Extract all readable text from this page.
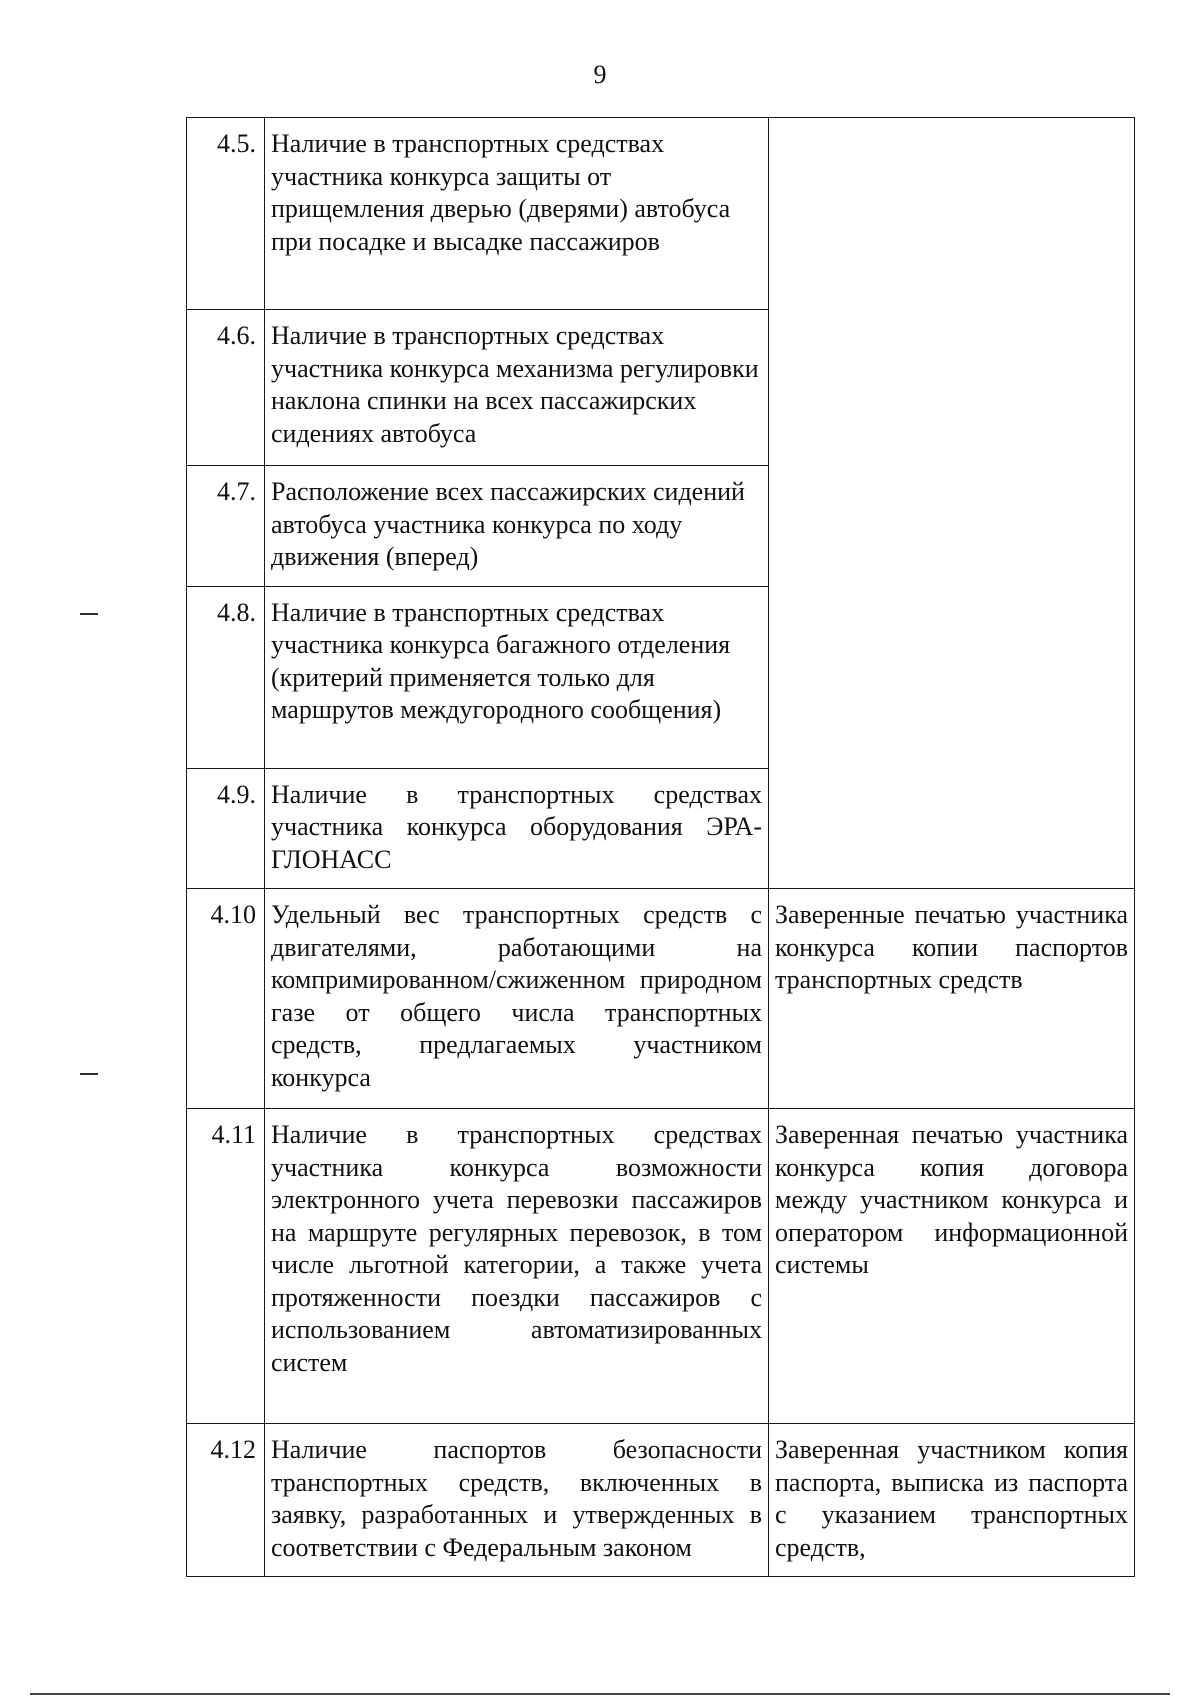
9
4.5.	Наличие в транспортных средствах участника конкурса защиты от прищемления дверью (дверями) автобуса при посадке и высадке пассажиров	
4.6.	Наличие в транспортных средствах участника конкурса механизма регулировки наклона спинки на всех пассажирских сидениях автобуса	
4.7.	Расположение всех пассажирских сидений автобуса участника конкурса по ходу движения (вперед)	
4.8.	Наличие в транспортных средствах участника конкурса багажного отделения (критерий применяется только для маршрутов междугородного сообщения)	
4.9.	Наличие в транспортных средствах участника конкурса оборудования ЭРА-ГЛОНАСС	
4.10	Удельный вес транспортных средств с двигателями, работающими на компримированном/сжиженном природном газе от общего числа транспортных средств, предлагаемых участником конкурса	Заверенные печатью участника конкурса копии паспортов транспортных средств
4.11	Наличие в транспортных средствах участника конкурса возможности электронного учета перевозки пассажиров на маршруте регулярных перевозок, в том числе льготной категории, а также учета протяженности поездки пассажиров с использованием автоматизированных систем	Заверенная печатью участника конкурса копия договора между участником конкурса и оператором информационной системы
4.12	Наличие паспортов безопасности транспортных средств, включенных в заявку, разработанных и утвержденных в соответствии с Федеральным законом	Заверенная участником копия паспорта, выписка из паспорта с указанием транспортных средств,
